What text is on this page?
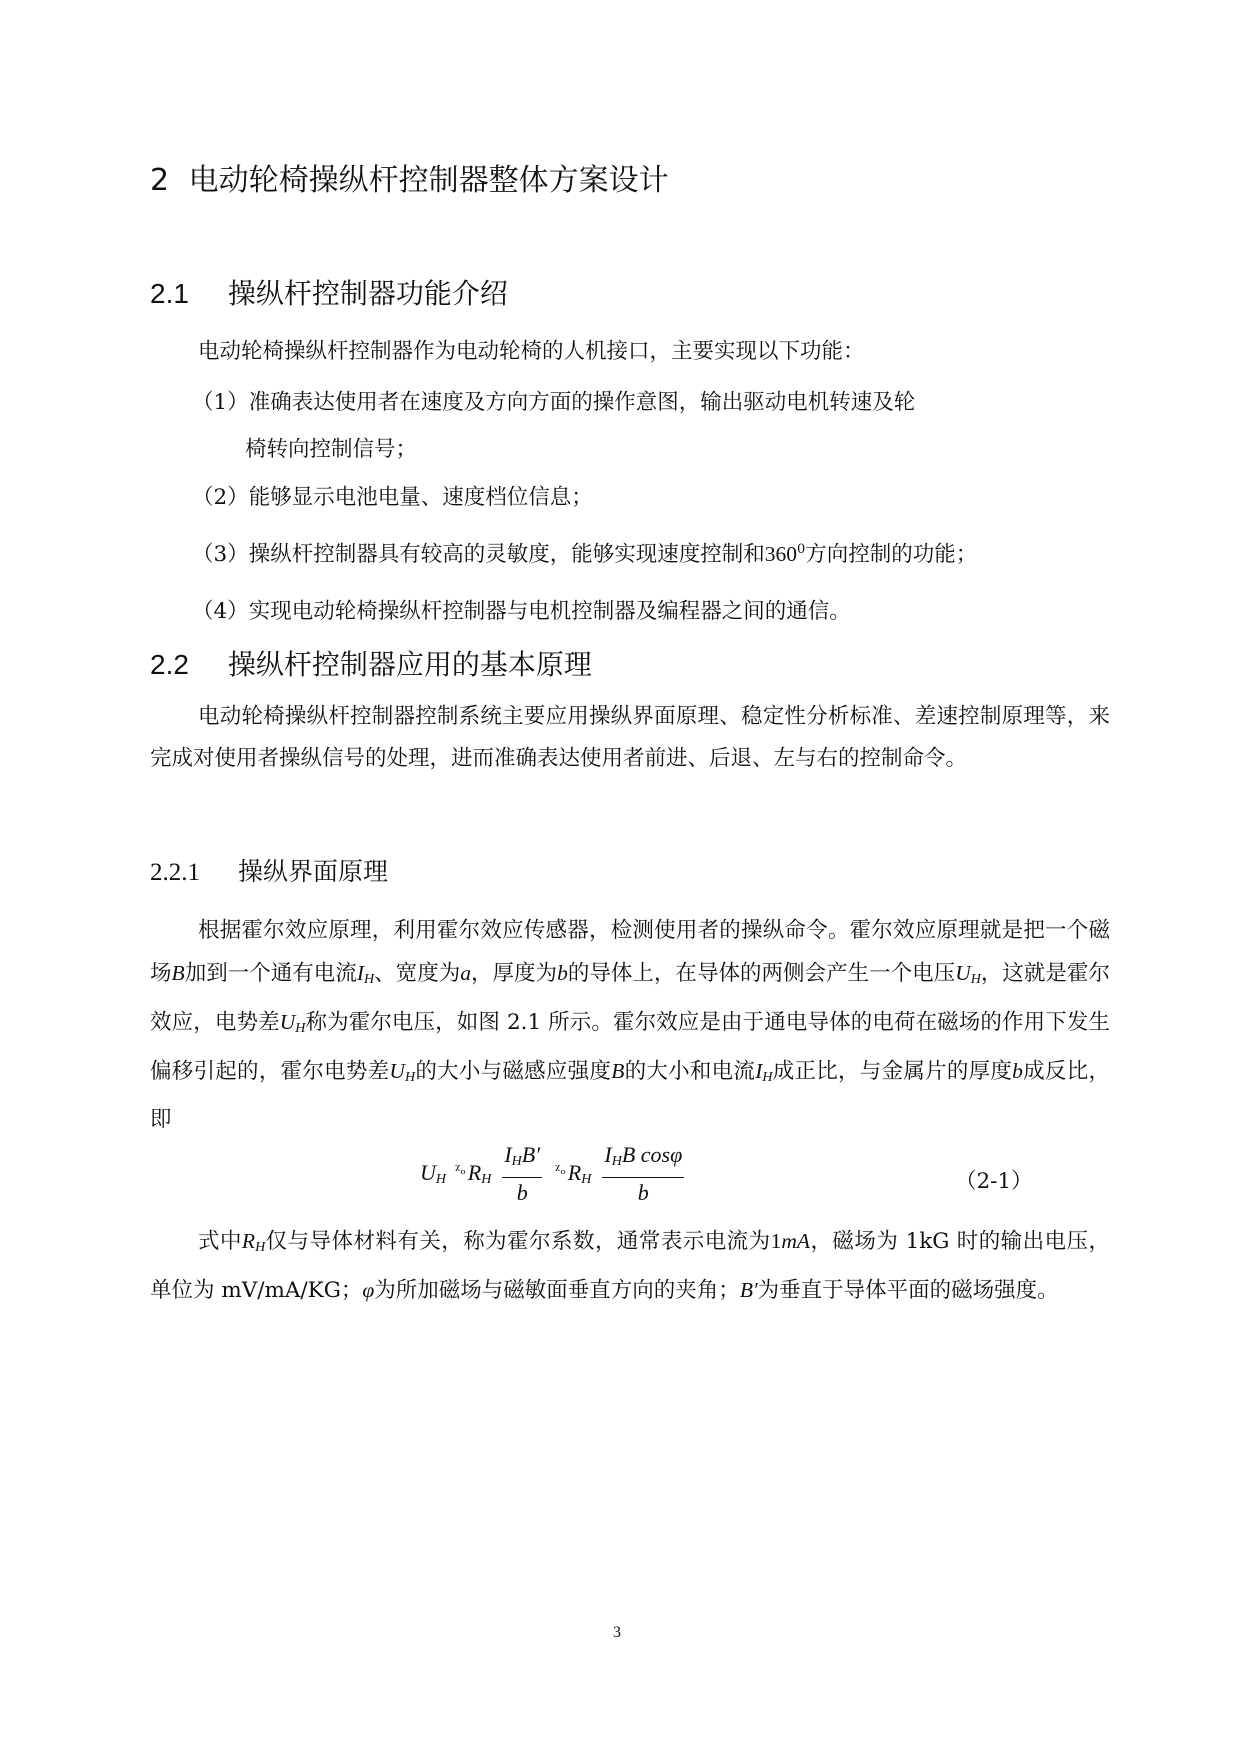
2 电动轮椅操纵杆控制器整体方案设计
2.1 操纵杆控制器功能介绍
电动轮椅操纵杆控制器作为电动轮椅的人机接口，主要实现以下功能：
（1）准确表达使用者在速度及方向方面的操作意图，输出驱动电机转速及轮
椅转向控制信号；
（2）能够显示电池电量、速度档位信息；
（3）操纵杆控制器具有较高的灵敏度，能够实现速度控制和$360^0$方向控制的功能；
（4）实现电动轮椅操纵杆控制器与电机控制器及编程器之间的通信。
2.2 操纵杆控制器应用的基本原理
电动轮椅操纵杆控制器控制系统主要应用操纵界面原理、稳定性分析标准、差速控制原理等，来完成对使用者操纵信号的处理，进而准确表达使用者前进、后退、左与右的控制命令。
2.2.1 操纵界面原理
根据霍尔效应原理，利用霍尔效应传感器，检测使用者的操纵命令。霍尔效应原理就是把一个磁场B加到一个通有电流$I_H$、宽度为a，厚度为b的导体上，在导体的两侧会产生一个电压$U_H$，这就是霍尔效应，电势差$U_H$称为霍尔电压，如图 2.1 所示。霍尔效应是由于通电导体的电荷在磁场的作用下发生偏移引起的，霍尔电势差$U_H$的大小与磁感应强度B的大小和电流$I_H$成正比，与金属片的厚度b成反比，即
$U_H$ $^{ᵡ_o}R_H \frac{I_HB'}{b} ^{ᵡ_o}R_H \frac{I_HB \cos\varphi}{b}$	（2-1）
式中$R_H$仅与导体材料有关，称为霍尔系数，通常表示电流为1mA，磁场为 1kG 时的输出电压，单位为 mV/mA/KG；φ为所加磁场与磁敏面垂直方向的夹角；B′为垂直于导体平面的磁场强度。
3
